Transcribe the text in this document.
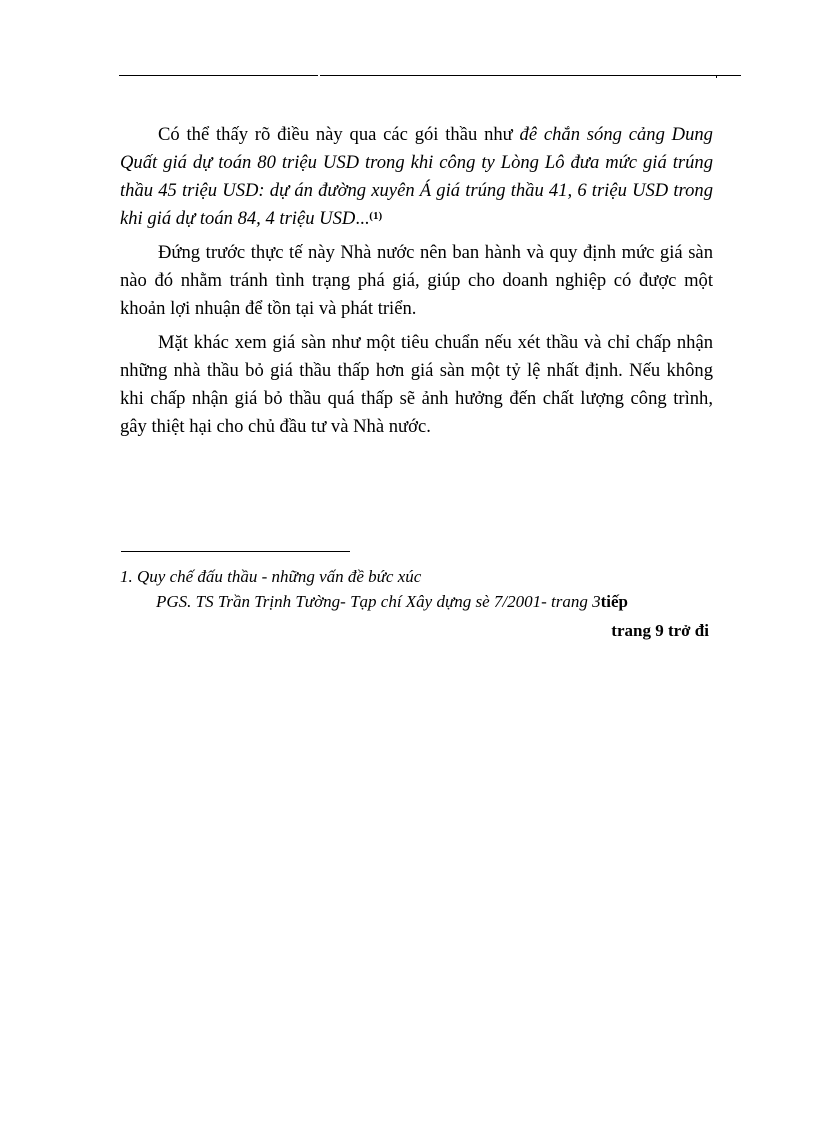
Có thể thấy rõ điều này qua các gói thầu như đê chắn sóng cảng Dung Quất giá dự toán 80 triệu USD trong khi công ty Lòng Lô đưa mức giá trúng thầu 45 triệu USD: dự án đường xuyên Á giá trúng thầu 41, 6 triệu USD trong khi giá dự toán 84, 4 triệu USD...$^{(1)}$

Đứng trước thực tế này Nhà nước nên ban hành và quy định mức giá sàn nào đó nhằm tránh tình trạng phá giá, giúp cho doanh nghiệp có được một khoản lợi nhuận để tồn tại và phát triển.

Mặt khác xem giá sàn như một tiêu chuẩn nếu xét thầu và chỉ chấp nhận những nhà thầu bỏ giá thầu thấp hơn giá sàn một tỷ lệ nhất định. Nếu không khi chấp nhận giá bỏ thầu quá thấp sẽ ảnh hưởng đến chất lượng công trình, gây thiệt hại cho chủ đầu tư và Nhà nước.

1. Quy chế đấu thầu - những vấn đề bức xúc
PGS. TS Trần Trịnh Tường- Tạp chí Xây dựng sè 7/2001- trang 3tiếp
trang 9 trở đi
